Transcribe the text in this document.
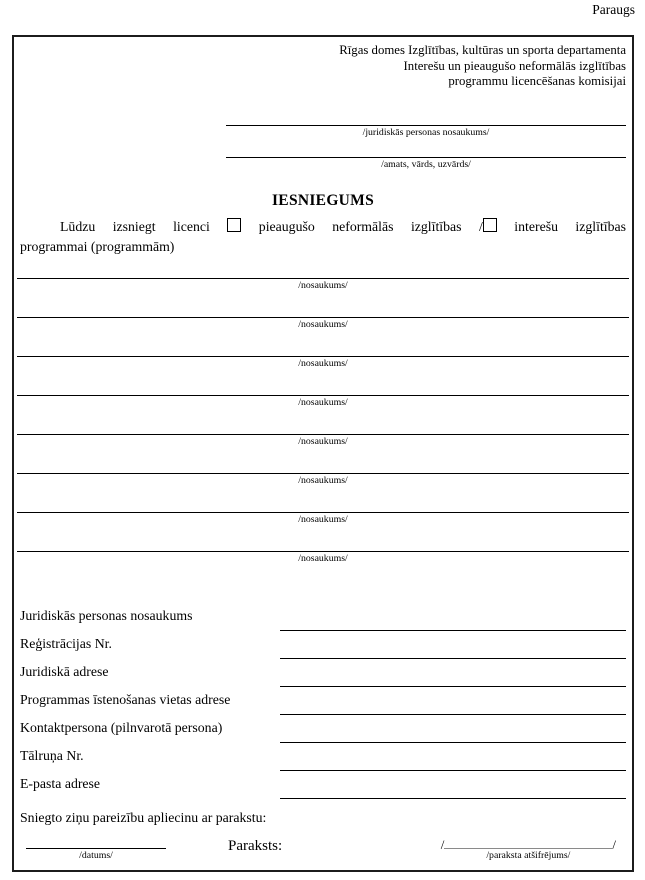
Paraugs
Rīgas domes Izglītības, kultūras un sporta departamenta
Interešu un pieaugušo neformālās izglītības
programmu licencēšanas komisijai
/juridiskās personas nosaukums/
/amats, vārds, uzvārds/
IESNIEGUMS
Lūdzu izsniegt licenci	pieaugušo neformālās izglītības / interešu izglītības
programmai (programmām)
/nosaukums/
/nosaukums/
/nosaukums/
/nosaukums/
/nosaukums/
/nosaukums/
/nosaukums/
/nosaukums/
Juridiskās personas nosaukums
Reģistrācijas Nr.
Juridiskā adrese
Programmas īstenošanas vietas adrese
Kontaktpersona (pilnvarotā persona)
Tālruņa Nr.
E-pasta adrese
Sniegto ziņu pareizību apliecinu ar parakstu:
/datums/
Paraksts:	/
/paraksta atšifrējums/
/
